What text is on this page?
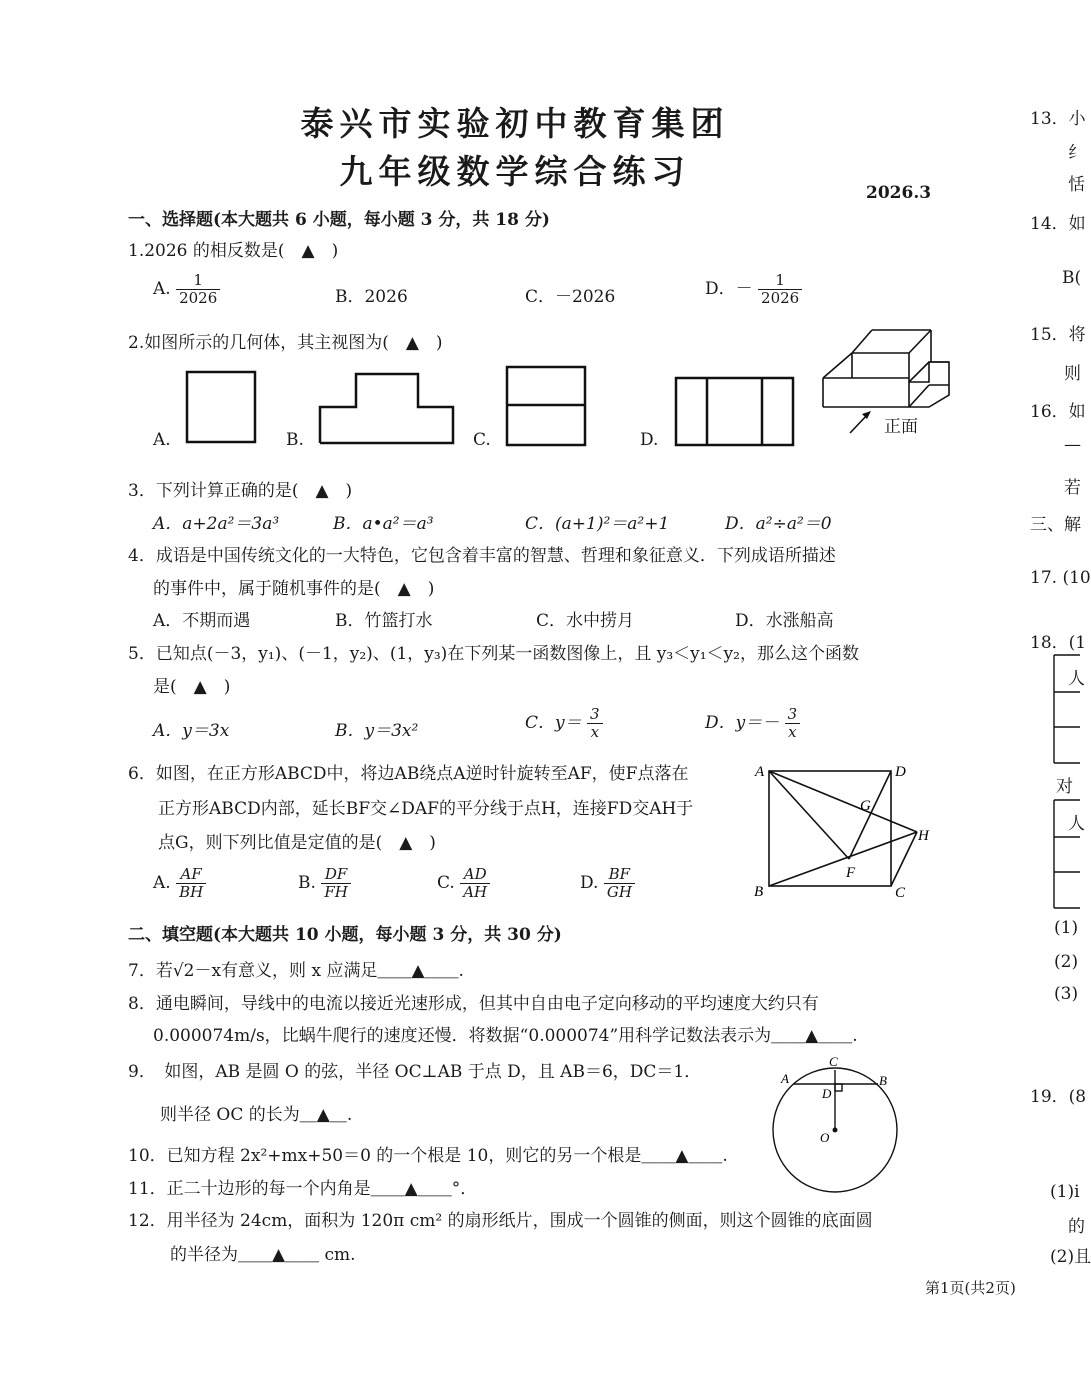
泰兴市实验初中教育集团
九年级数学综合练习
2026.3
一、选择题(本大题共 6 小题，每小题 3 分，共 18 分)
1.2026 的相反数是(　▲　)
A. $\frac{1}{2026}$	B．2026	C．－2026	D．－ $\frac{1}{2026}$
2.如图所示的几何体，其主视图为(　▲　)
A.	B.	C.	D.
正面
3．下列计算正确的是(　▲　)
A．a+2a²＝3a³	B．a•a²＝a³	C．(a+1)²＝a²+1	D．a²÷a²＝0
4．成语是中国传统文化的一大特色，它包含着丰富的智慧、哲理和象征意义．下列成语所描述
的事件中，属于随机事件的是(　▲　)
A．不期而遇	B．竹篮打水	C．水中捞月	D．水涨船高
5．已知点(－3，y₁)、(－1，y₂)、(1，y₃)在下列某一函数图像上，且 y₃＜y₁＜y₂，那么这个函数
是(　▲　)
A．y＝3x	B．y＝3x²	C．$y= \frac{3}{x}$	D．$y=- \frac{3}{x}$
6．如图，在正方形ABCD中，将边AB绕点A逆时针旋转至AF，使F点落在
正方形ABCD内部，延长BF交∠DAF的平分线于点H，连接FD交AH于
点G，则下列比值是定值的是(　▲　)
A. $\frac{AF}{BH}$	B. $\frac{DF}{FH}$	C. $\frac{AD}{AH}$	D. $\frac{BF}{GH}$
A
B	C
D
F
G
H
二、填空题(本大题共 10 小题，每小题 3 分，共 30 分)
7．若√2－x有意义，则 x 应满足＿＿▲＿＿.
8．通电瞬间，导线中的电流以接近光速形成，但其中自由电子定向移动的平均速度大约只有
0.000074m/s，比蜗牛爬行的速度还慢．将数据“0.000074”用科学记数法表示为＿＿▲＿＿.
9．　如图，AB 是圆 O 的弦，半径 OC⊥AB 于点 D，且 AB＝6，DC＝1．
则半径 OC 的长为＿▲＿.
A	B
C
D
O
10．已知方程 2x²+mx+50＝0 的一个根是 10，则它的另一个根是＿＿▲＿＿.
11．正二十边形的每一个内角是＿＿▲＿＿°．
12．用半径为 24cm，面积为 120π cm² 的扇形纸片，围成一个圆锥的侧面，则这个圆锥的底面圆
的半径为＿＿▲＿＿ cm.
第1页(共2页)
13．小
纟
恬
14．如
B(
15．将
则
16．如
—
若
三、解
17. (10
18．(1
人
对
人
(1)
(2)
(3)
19．(8
(1)i
的
(2)且
